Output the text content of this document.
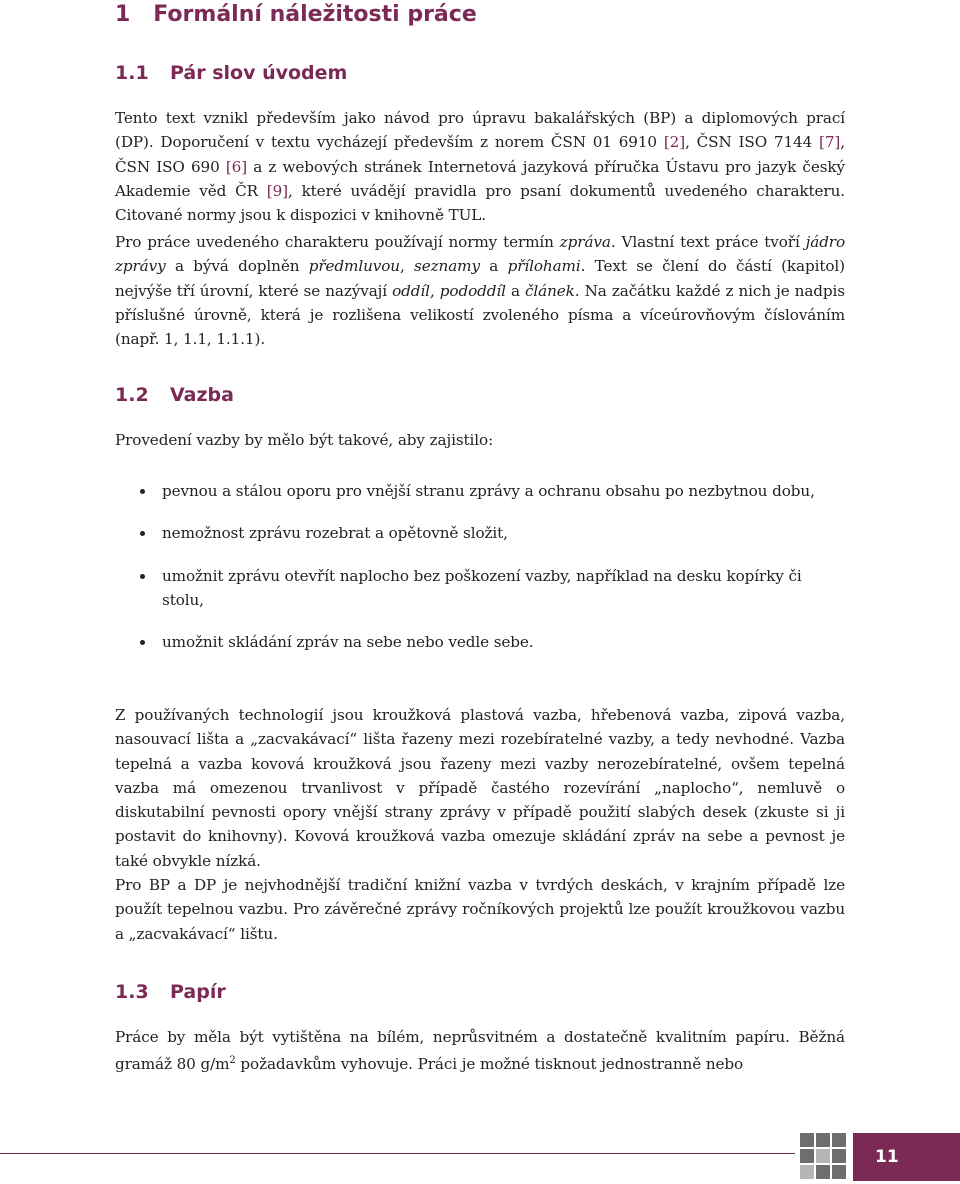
1 Formální náležitosti práce
1.1 Pár slov úvodem

Tento text vznikl především jako návod pro úpravu bakalářských (BP) a diplomových prací (DP). Doporučení v textu vycházejí především z norem ČSN 01 6910 [2], ČSN ISO 7144 [7], ČSN ISO 690 [6] a z webových stránek Internetová jazyková příručka Ústavu pro jazyk český Akademie věd ČR [9], které uvádějí pravidla pro psaní dokumentů uvedeného charakteru. Citované normy jsou k dispozici v knihovně TUL.

Pro práce uvedeného charakteru používají normy termín zpráva. Vlastní text práce tvoří jádro zprávy a bývá doplněn předmluvou, seznamy a přílohami. Text se člení do částí (kapitol) nejvýše tří úrovní, které se nazývají oddíl, pododdíl a článek. Na začátku každé z nich je nadpis příslušné úrovně, která je rozlišena velikostí zvoleného písma a víceúrovňovým číslováním (např. 1, 1.1, 1.1.1).

1.2 Vazba

Provedení vazby by mělo být takové, aby zajistilo:

pevnou a stálou oporu pro vnější stranu zprávy a ochranu obsahu po nezbytnou dobu,
nemožnost zprávu rozebrat a opětovně složit,
umožnit zprávu otevřít naplocho bez poškození vazby, například na desku kopírky či stolu,
umožnit skládání zpráv na sebe nebo vedle sebe.

Z používaných technologií jsou kroužková plastová vazba, hřebenová vazba, zipová vazba, nasouvací lišta a „zacvakávací“ lišta řazeny mezi rozebíratelné vazby, a tedy nevhodné. Vazba tepelná a vazba kovová kroužková jsou řazeny mezi vazby nerozebíratelné, ovšem tepelná vazba má omezenou trvanlivost v případě častého rozevírání „naplocho“, nemluvě o diskutabilní pevnosti opory vnější strany zprávy v případě použití slabých desek (zkuste si ji postavit do knihovny). Kovová kroužková vazba omezuje skládání zpráv na sebe a pevnost je také obvykle nízká.

Pro BP a DP je nejvhodnější tradiční knižní vazba v tvrdých deskách, v krajním případě lze použít tepelnou vazbu. Pro závěrečné zprávy ročníkových projektů lze použít kroužkovou vazbu a „zacvakávací“ lištu.

1.3 Papír

Práce by měla být vytištěna na bílém, neprůsvitném a dostatečně kvalitním papíru. Běžná gramáž 80 $g/m^2$ požadavkům vyhovuje. Práci je možné tisknout jednostranně nebo

11
